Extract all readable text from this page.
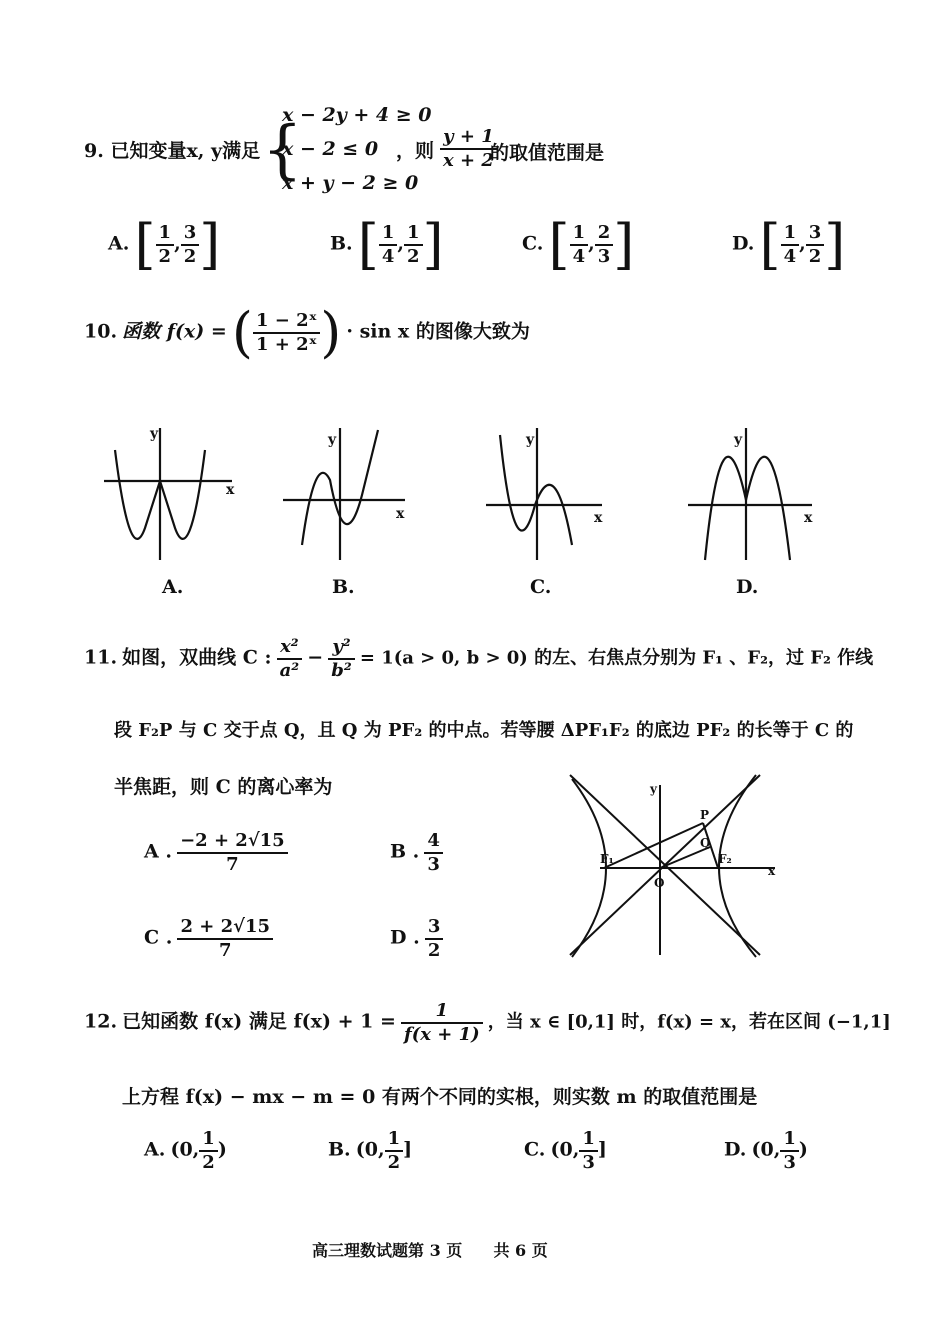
9. 已知变量x, y满足 {
x − 2y + 4 ≥ 0
x − 2 ≤ 0
x + y − 2 ≥ 0
，则 $\frac{y + 1}{x + 2}$
的取值范围是
A. [ $\frac{1}{2}$ , $\frac{3}{2}$ ]	B. [ $\frac{1}{4}$ , $\frac{1}{2}$ ]	C. [ $\frac{1}{4}$ , $\frac{2}{3}$ ]	D. [ $\frac{1}{4}$ , $\frac{3}{2}$ ]
10. 函数 f(x) = ( $\frac{\text{1 − 2ˣ}}{\text{1 + 2ˣ}}$ ) · sin x 的图像大致为
y
x
y
x
y
x
y
x
A.	B.	C.	D.
11. 如图，双曲线 C : $\frac{\text{x²}}{\text{a²}} - \frac{\text{y²}}{\text{b²}} = 1(a > 0$, b > 0) 的左、右焦点分别为 F₁ 、F₂，过 F₂ 作线
段 F₂P 与 C 交于点 Q，且 Q 为 PF₂ 的中点。若等腰 ΔPF₁F₂ 的底边 PF₂ 的长等于 C 的
半焦距，则 C 的离心率为
A . $\frac{-2 + 2√15}{7}$	B . $\frac{4}{3}$
C . $\frac{2 + 2√15}{7}$	D . $\frac{3}{2}$
y
x
P
Q
F₁	F₂
O
12. 已知函数 f(x) 满足 $f(x) + 1 = \frac{1}{f(x + 1)}$ ，当 x ∈ [0,1] 时，f(x) = x，若在区间 (−1,1]
上方程 f(x) − mx − m = 0 有两个不同的实根，则实数 m 的取值范围是
A. (0, $\frac{1}{2}$ )	B. (0, $\frac{1}{2}$ ]	C. (0, $\frac{1}{3}$ ]	D. (0, $\frac{1}{3}$ )
高三理数试题第 3 页 共 6 页
